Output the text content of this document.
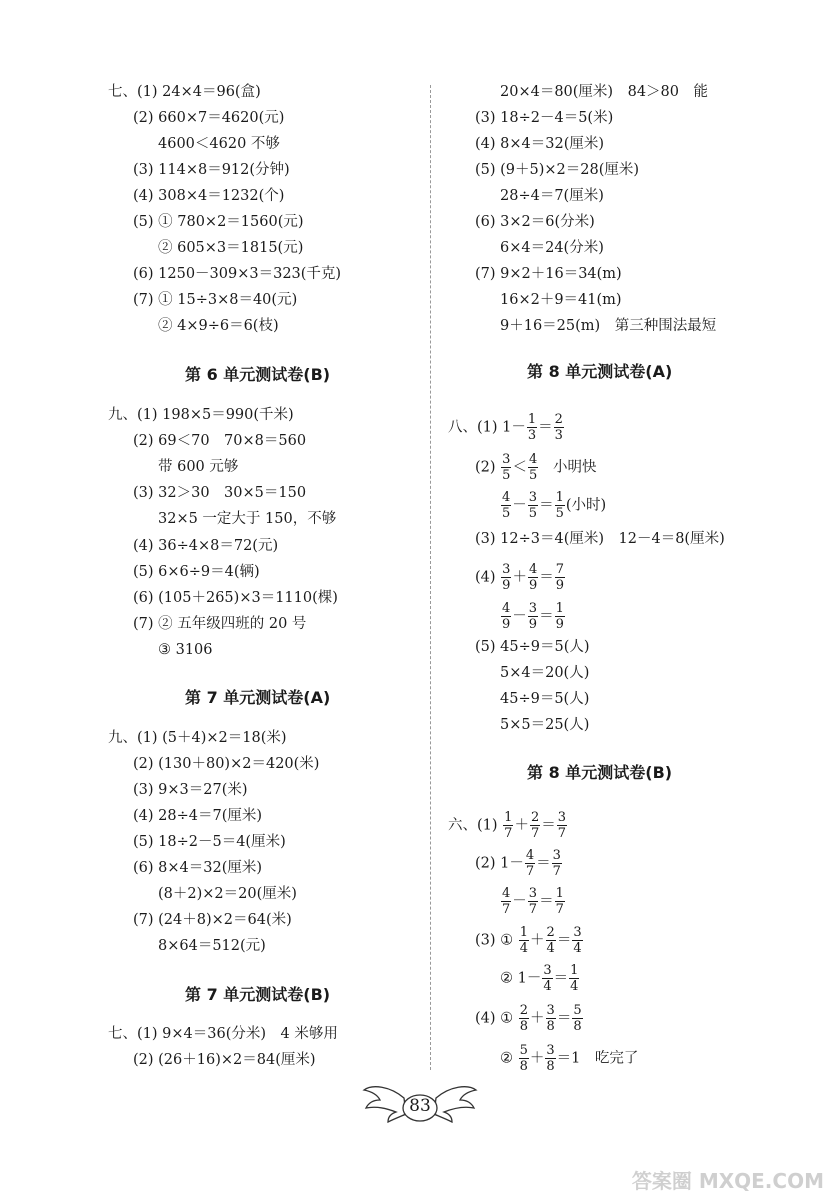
七、(1) 24×4＝96(盒)
(2) 660×7＝4620(元)
4600＜4620 不够
(3) 114×8＝912(分钟)
(4) 308×4＝1232(个)
(5) ① 780×2＝1560(元)
② 605×3＝1815(元)
(6) 1250－309×3＝323(千克)
(7) ① 15÷3×8＝40(元)
② 4×9÷6＝6(枝)
第 6 单元测试卷(B)
九、(1) 198×5＝990(千米)
(2) 69＜70　70×8＝560
带 600 元够
(3) 32＞30　30×5＝150
32×5 一定大于 150，不够
(4) 36÷4×8＝72(元)
(5) 6×6÷9＝4(辆)
(6) (105＋265)×3＝1110(棵)
(7) ② 五年级四班的 20 号
③ 3106
第 7 单元测试卷(A)
九、(1) (5＋4)×2＝18(米)
(2) (130＋80)×2＝420(米)
(3) 9×3＝27(米)
(4) 28÷4＝7(厘米)
(5) 18÷2－5＝4(厘米)
(6) 8×4＝32(厘米)
(8＋2)×2＝20(厘米)
(7) (24＋8)×2＝64(米)
8×64＝512(元)
第 7 单元测试卷(B)
七、(1) 9×4＝36(分米)　4 米够用
(2) (26＋16)×2＝84(厘米)
20×4＝80(厘米)　84＞80　能
(3) 18÷2－4＝5(米)
(4) 8×4＝32(厘米)
(5) (9＋5)×2＝28(厘米)
28÷4＝7(厘米)
(6) 3×2＝6(分米)
6×4＝24(分米)
(7) 9×2＋16＝34(m)
16×2＋9＝41(m)
9＋16＝25(m)　第三种围法最短
第 8 单元测试卷(A)
八、(1) $1- \frac{1}{3} = \frac{2}{3}$
$(2) \frac{3}{5} < \frac{4}{5}$ 小明快
$\frac{4}{5} - \frac{3}{5} = \frac{1}{5}$ (小时)
(3) 12÷3＝4(厘米)　12－4＝8(厘米)
$(4) \frac{3}{9} + \frac{4}{9} = \frac{7}{9}$
$\frac{4}{9} - \frac{3}{9} = \frac{1}{9}$
(5) 45÷9＝5(人)
5×4＝20(人)
45÷9＝5(人)
5×5＝25(人)
第 8 单元测试卷(B)
六、$(1) \frac{1}{7} + \frac{2}{7} = \frac{3}{7}$
(2) $1- \frac{4}{7} = \frac{3}{7}$
$\frac{4}{7} - \frac{3}{7} = \frac{1}{7}$
(3) ① $\frac{1}{4} + \frac{2}{4} = \frac{3}{4}$
② $1- \frac{3}{4} = \frac{1}{4}$
(4) ① $\frac{2}{8} + \frac{3}{8} = \frac{5}{8}$
② $\frac{5}{8} + \frac{3}{8} =1$　吃完了
83
答案圈 MXQE.COM
